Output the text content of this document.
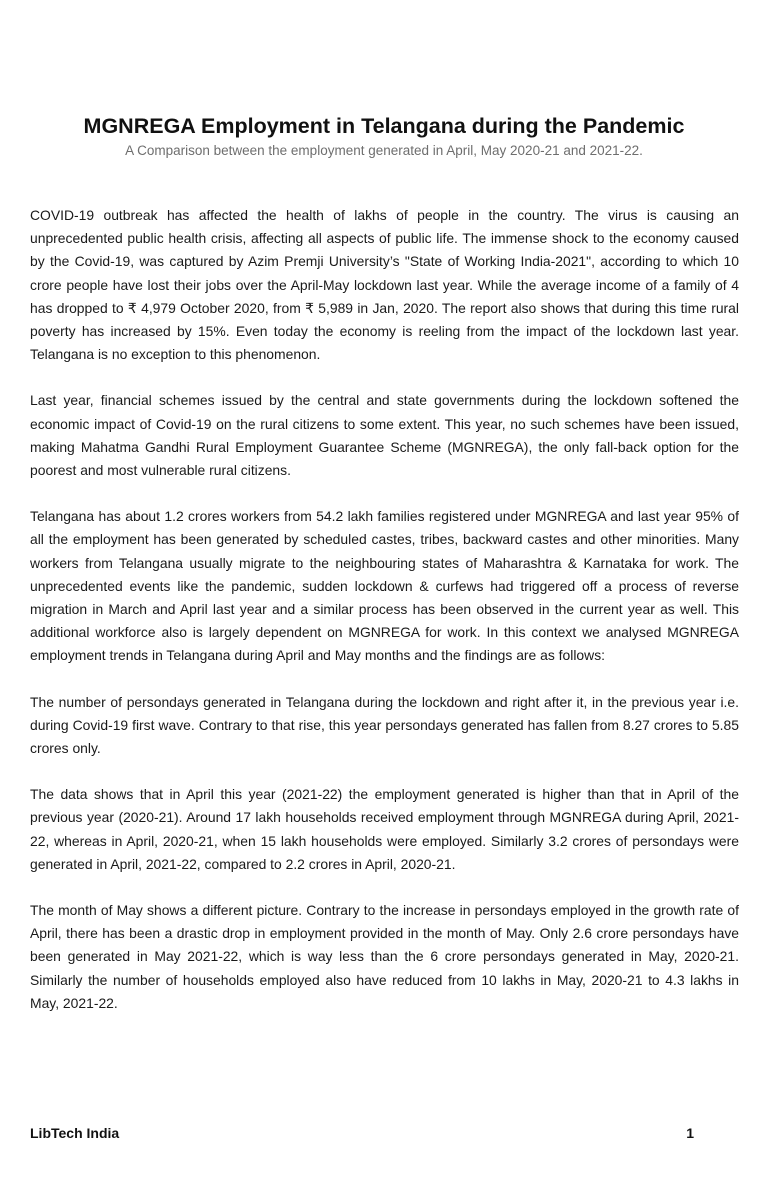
MGNREGA Employment in Telangana during the Pandemic
A Comparison between the employment generated in April, May 2020-21 and 2021-22.

COVID-19 outbreak has affected the health of lakhs of people in the country. The virus is causing an unprecedented public health crisis, affecting all aspects of public life. The immense shock to the economy caused by the Covid-19, was captured by Azim Premji University’s "State of Working India-2021", according to which 10 crore people have lost their jobs over the April-May lockdown last year. While the average income of a family of 4 has dropped to ₹ 4,979 October 2020, from ₹ 5,989 in Jan, 2020. The report also shows that during this time rural poverty has increased by 15%. Even today the economy is reeling from the impact of the lockdown last year. Telangana is no exception to this phenomenon.

Last year, financial schemes issued by the central and state governments during the lockdown softened the economic impact of Covid-19 on the rural citizens to some extent. This year, no such schemes have been issued, making Mahatma Gandhi Rural Employment Guarantee Scheme (MGNREGA), the only fall-back option for the poorest and most vulnerable rural citizens.

Telangana has about 1.2 crores workers from 54.2 lakh families registered under MGNREGA and last year 95% of all the employment has been generated by scheduled castes, tribes, backward castes and other minorities. Many workers from Telangana usually migrate to the neighbouring states of Maharashtra & Karnataka for work. The unprecedented events like the pandemic, sudden lockdown & curfews had triggered off a process of reverse migration in March and April last year and a similar process has been observed in the current year as well. This additional workforce also is largely dependent on MGNREGA for work. In this context we analysed MGNREGA employment trends in Telangana during April and May months and the findings are as follows:

The number of persondays generated in Telangana during the lockdown and right after it, in the previous year i.e. during Covid-19 first wave. Contrary to that rise, this year persondays generated has fallen from 8.27 crores to 5.85 crores only.

The data shows that in April this year (2021-22) the employment generated is higher than that in April of the previous year (2020-21). Around 17 lakh households received employment through MGNREGA during April, 2021-22, whereas in April, 2020-21, when 15 lakh households were employed. Similarly 3.2 crores of persondays were generated in April, 2021-22, compared to 2.2 crores in April, 2020-21.

The month of May shows a different picture. Contrary to the increase in persondays employed in the growth rate of April, there has been a drastic drop in employment provided in the month of May. Only 2.6 crore persondays have been generated in May 2021-22, which is way less than the 6 crore persondays generated in May, 2020-21. Similarly the number of households employed also have reduced from 10 lakhs in May, 2020-21 to 4.3 lakhs in May, 2021-22.

LibTech India	1
